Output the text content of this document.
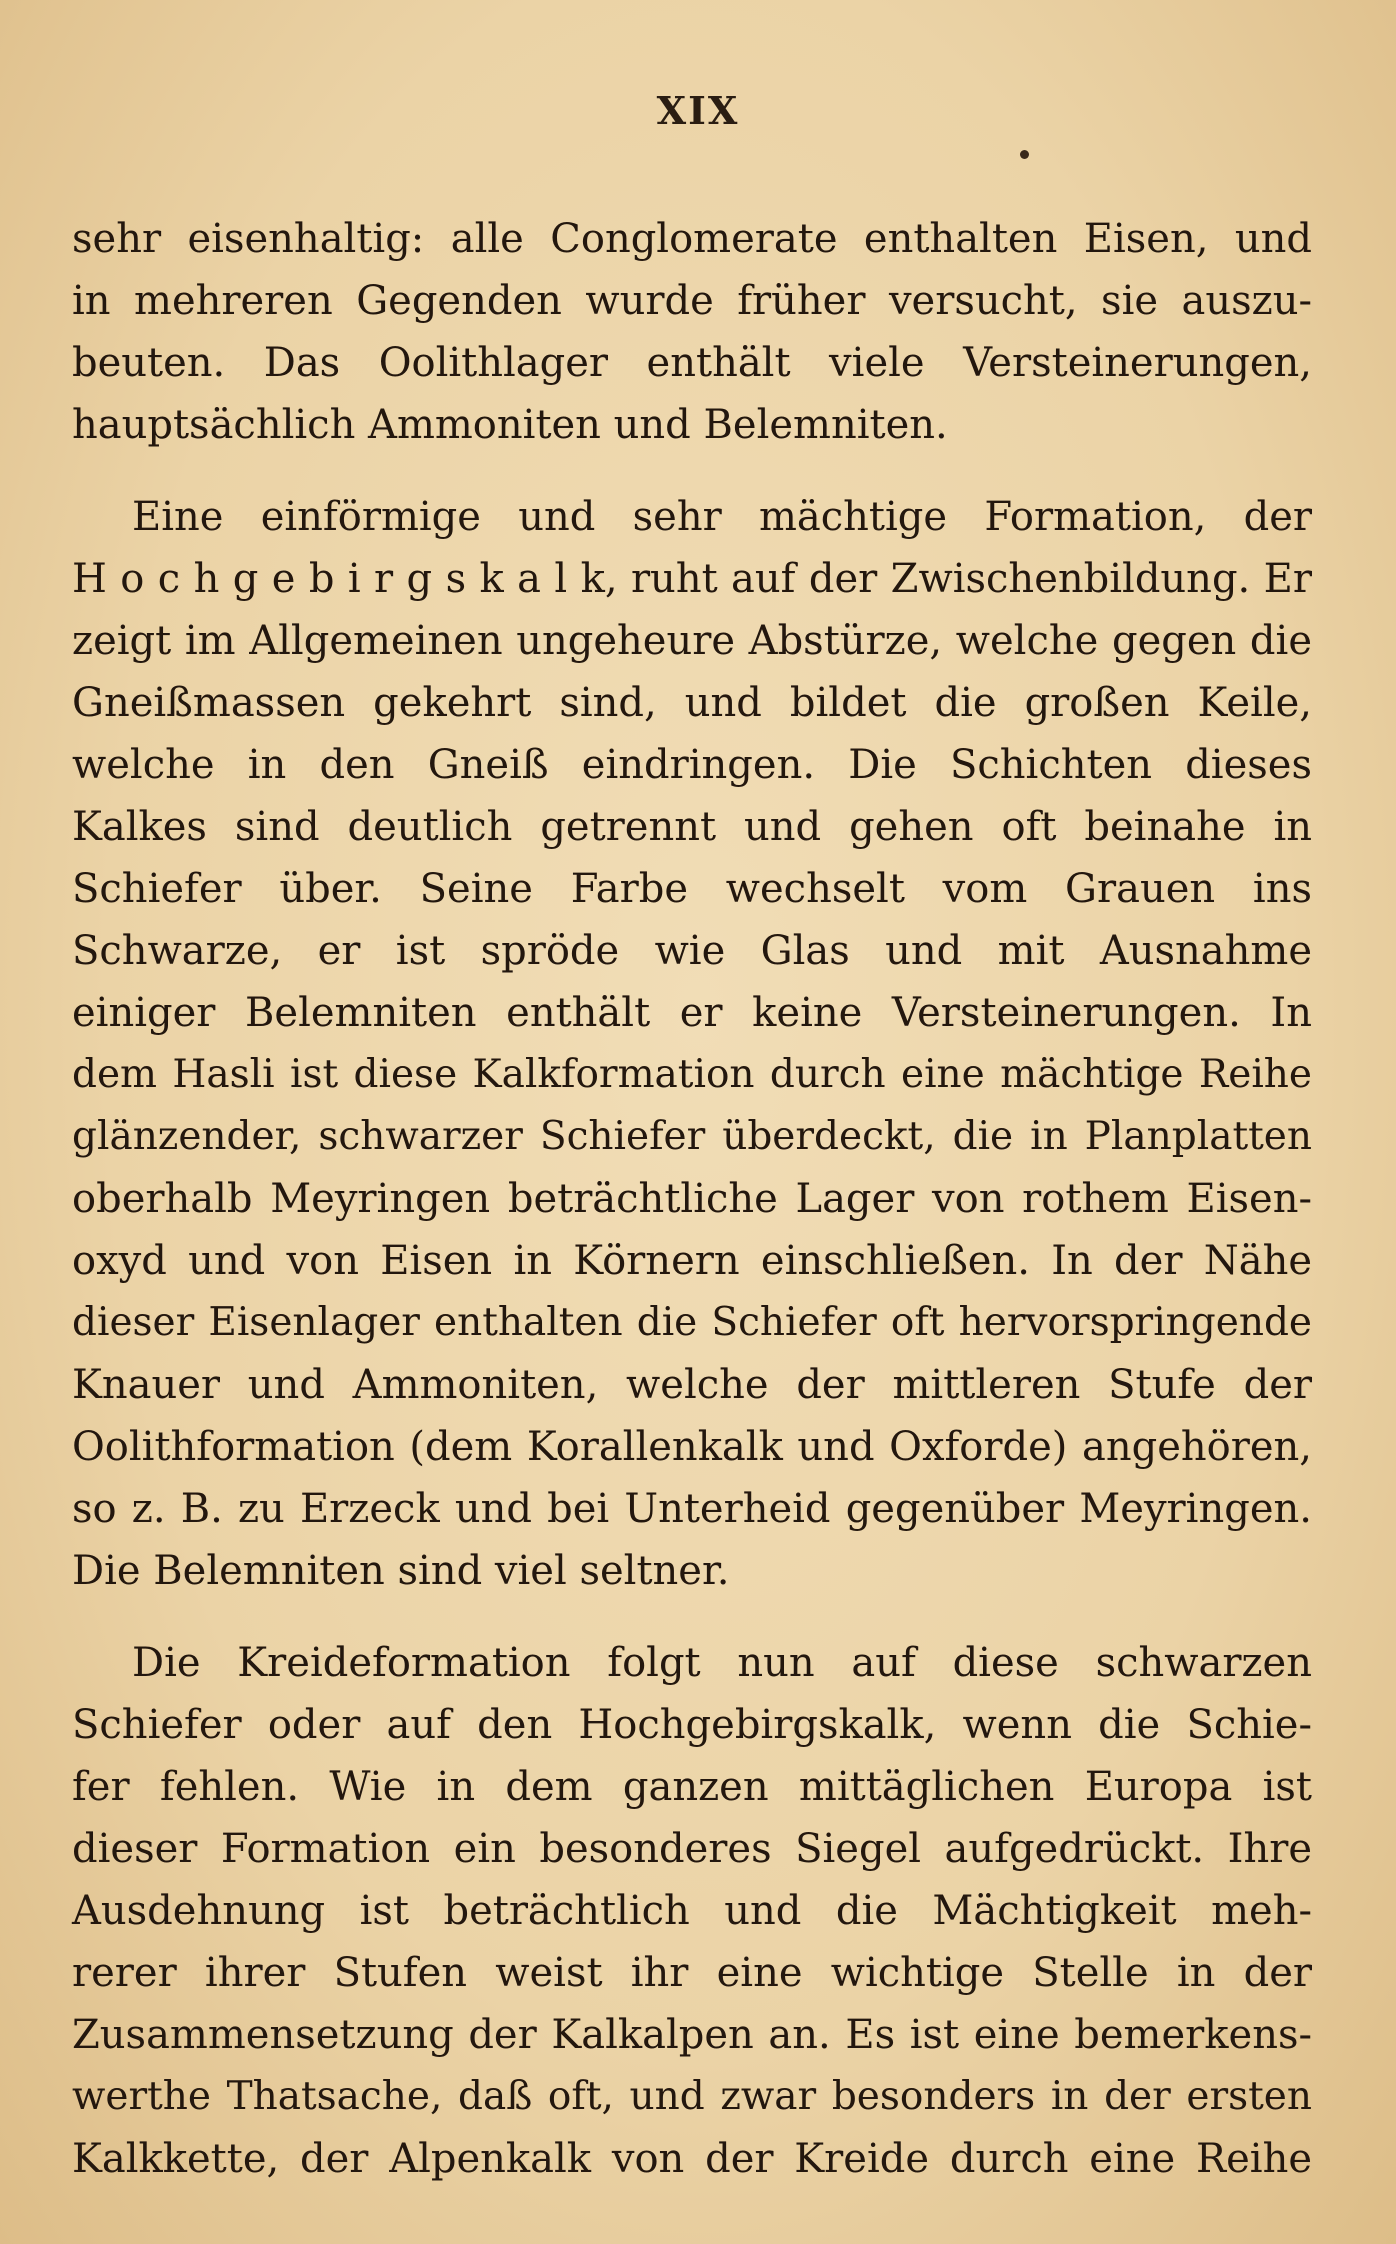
XIX
sehr eisenhaltig: alle Conglomerate enthalten Eisen, und
in mehreren Gegenden wurde früher versucht, sie auszu-
beuten. Das Oolithlager enthält viele Versteinerungen,
hauptsächlich Ammoniten und Belemniten.
Eine einförmige und sehr mächtige Formation, der
H o c h g e b i r g s k a l k, ruht auf der Zwischenbildung. Er
zeigt im Allgemeinen ungeheure Abstürze, welche gegen die
Gneißmassen gekehrt sind, und bildet die großen Keile,
welche in den Gneiß eindringen. Die Schichten dieses
Kalkes sind deutlich getrennt und gehen oft beinahe in
Schiefer über. Seine Farbe wechselt vom Grauen ins
Schwarze, er ist spröde wie Glas und mit Ausnahme
einiger Belemniten enthält er keine Versteinerungen. In
dem Hasli ist diese Kalkformation durch eine mächtige Reihe
glänzender, schwarzer Schiefer überdeckt, die in Planplatten
oberhalb Meyringen beträchtliche Lager von rothem Eisen-
oxyd und von Eisen in Körnern einschließen. In der Nähe
dieser Eisenlager enthalten die Schiefer oft hervorspringende
Knauer und Ammoniten, welche der mittleren Stufe der
Oolithformation (dem Korallenkalk und Oxforde) angehören,
so z. B. zu Erzeck und bei Unterheid gegenüber Meyringen.
Die Belemniten sind viel seltner.
Die Kreideformation folgt nun auf diese schwarzen
Schiefer oder auf den Hochgebirgskalk, wenn die Schie-
fer fehlen. Wie in dem ganzen mittäglichen Europa ist
dieser Formation ein besonderes Siegel aufgedrückt. Ihre
Ausdehnung ist beträchtlich und die Mächtigkeit meh-
rerer ihrer Stufen weist ihr eine wichtige Stelle in der
Zusammensetzung der Kalkalpen an. Es ist eine bemerkens-
werthe Thatsache, daß oft, und zwar besonders in der ersten
Kalkkette, der Alpenkalk von der Kreide durch eine Reihe
